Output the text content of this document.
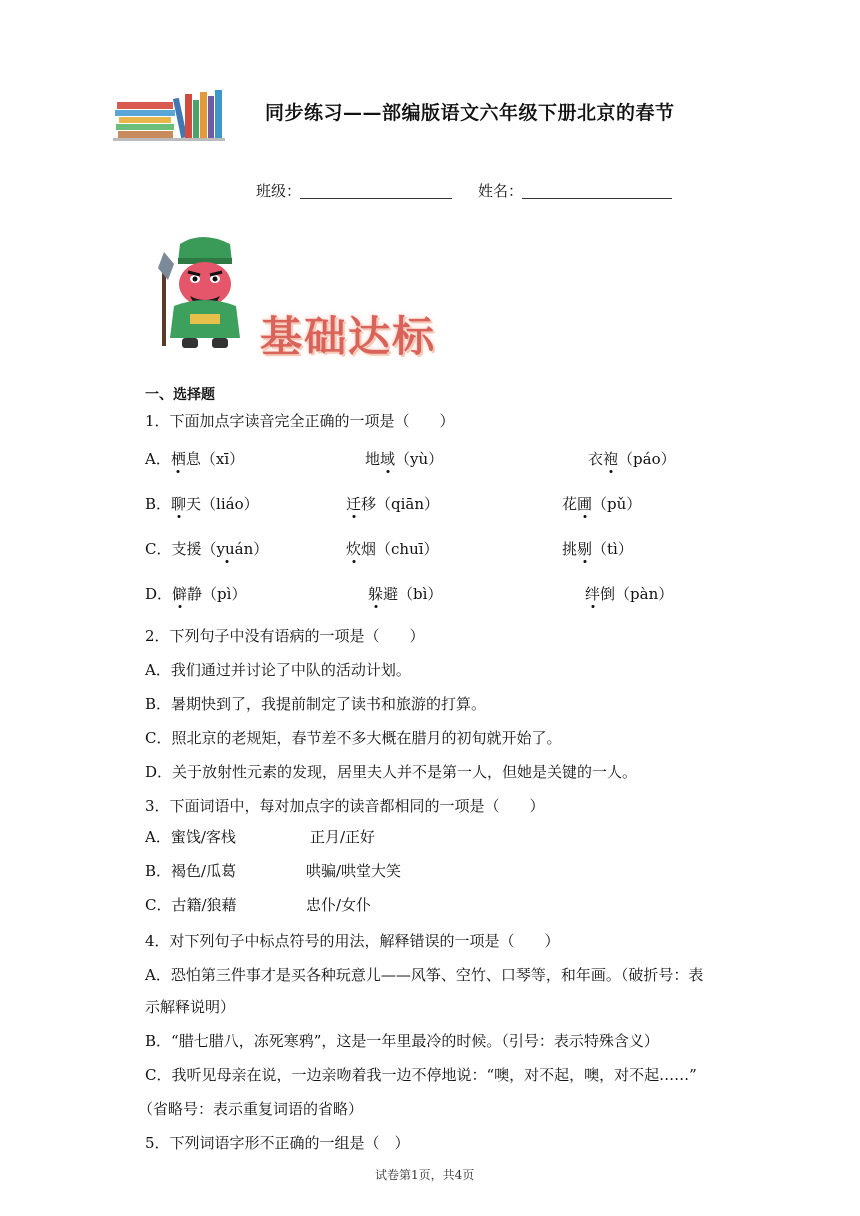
同步练习——部编版语文六年级下册北京的春节
班级：	姓名：
基础达标
一、选择题
1．下面加点字读音完全正确的一项是（　　）
A．栖息（xī）	地域（yù）	衣袍（páo）
B．聊天（liáo）	迁移（qiān）	花圃（pǔ）
C．支援（yuán）	炊烟（chuī）	挑剔（tì）
D．僻静（pì）	躲避（bì）	绊倒（pàn）
2．下列句子中没有语病的一项是（　　）
A．我们通过并讨论了中队的活动计划。
B．暑期快到了，我提前制定了读书和旅游的打算。
C．照北京的老规矩，春节差不多大概在腊月的初旬就开始了。
D．关于放射性元素的发现，居里夫人并不是第一人，但她是关键的一人。
3．下面词语中，每对加点字的读音都相同的一项是（　　）
A．蜜饯/客栈	正月/正好
B．褐色/瓜葛	哄骗/哄堂大笑
C．古籍/狼藉	忠仆/女仆
4．对下列句子中标点符号的用法，解释错误的一项是（　　）
A．恐怕第三件事才是买各种玩意儿——风筝、空竹、口琴等，和年画。（破折号：表
示解释说明）
B．“腊七腊八，冻死寒鸦”，这是一年里最冷的时候。（引号：表示特殊含义）
C．我听见母亲在说，一边亲吻着我一边不停地说：“噢，对不起，噢，对不起……”
（省略号：表示重复词语的省略）
5．下列词语字形不正确的一组是（　）
试卷第1页，共4页
